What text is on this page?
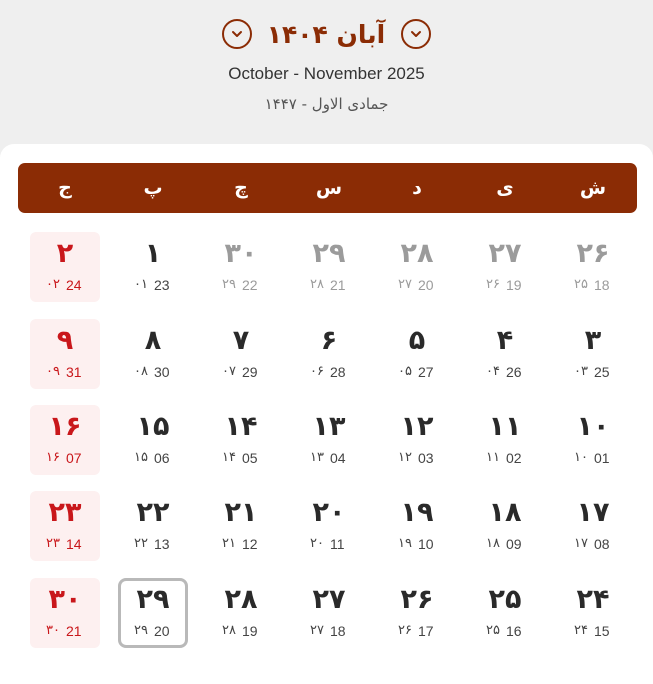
آبان ۱۴۰۴
October - November 2025
جمادی الاول - ۱۴۴۷
ش
ی
د
س
چ
پ
ج
۲۶
۲۵ 18
۲۷
۲۶ 19
۲۸
۲۷ 20
۲۹
۲۸ 21
۳۰
۲۹ 22
۱
۰۱ 23
۲
۰۲ 24
۳
۰۳ 25
۴
۰۴ 26
۵
۰۵ 27
۶
۰۶ 28
۷
۰۷ 29
۸
۰۸ 30
۹
۰۹ 31
۱۰
۱۰ 01
۱۱
۱۱ 02
۱۲
۱۲ 03
۱۳
۱۳ 04
۱۴
۱۴ 05
۱۵
۱۵ 06
۱۶
۱۶ 07
۱۷
۱۷ 08
۱۸
۱۸ 09
۱۹
۱۹ 10
۲۰
۲۰ 11
۲۱
۲۱ 12
۲۲
۲۲ 13
۲۳
۲۳ 14
۲۴
۲۴ 15
۲۵
۲۵ 16
۲۶
۲۶ 17
۲۷
۲۷ 18
۲۸
۲۸ 19
۲۹
۲۹ 20
۳۰
۳۰ 21
